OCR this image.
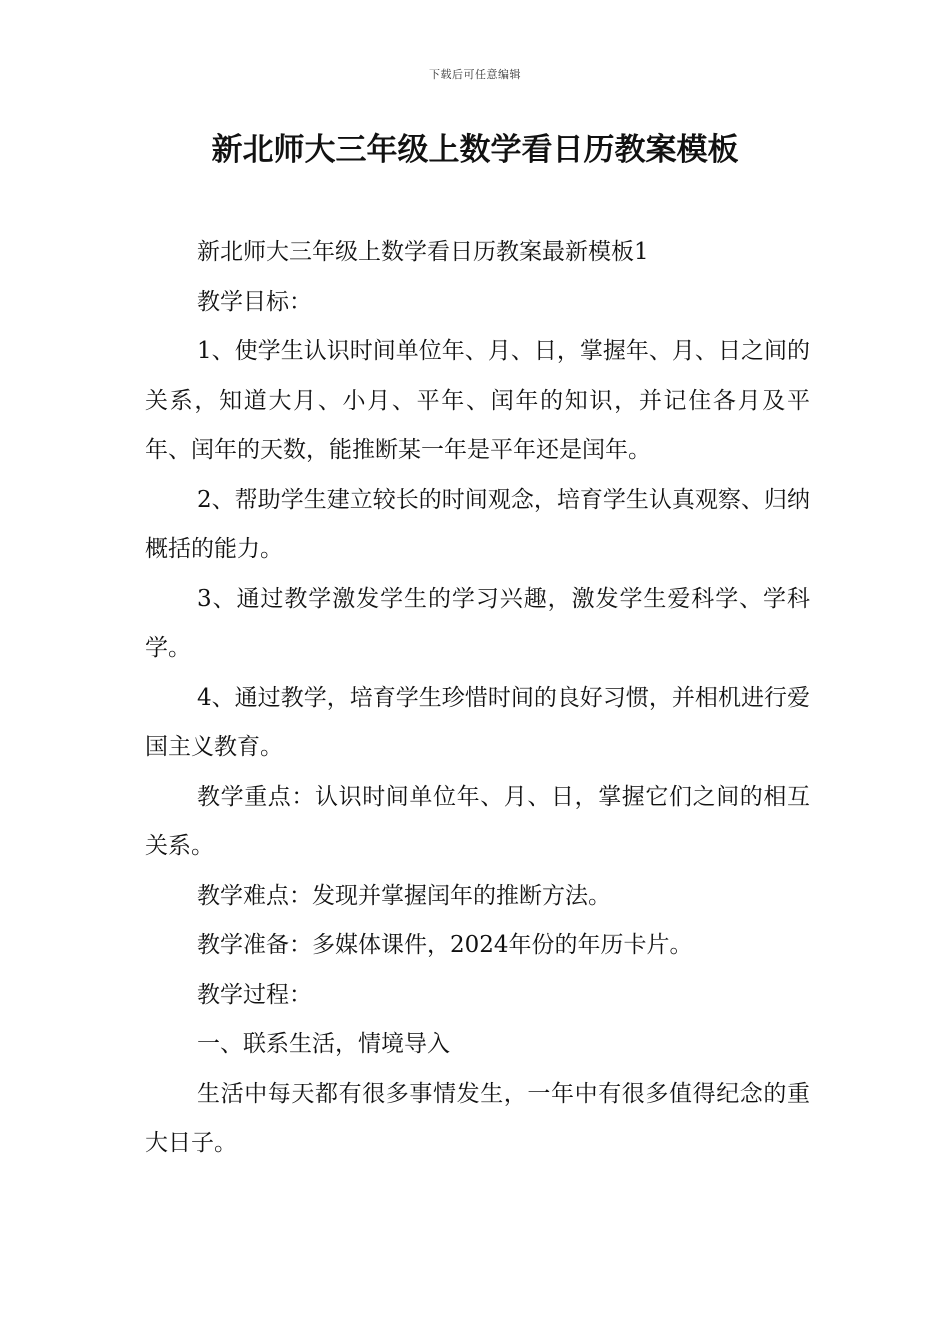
下载后可任意编辑
新北师大三年级上数学看日历教案模板

新北师大三年级上数学看日历教案最新模板1

教学目标：

1、使学生认识时间单位年、月、日，掌握年、月、日之间的关系，知道大月、小月、平年、闰年的知识，并记住各月及平年、闰年的天数，能推断某一年是平年还是闰年。

2、帮助学生建立较长的时间观念，培育学生认真观察、归纳概括的能力。

3、通过教学激发学生的学习兴趣，激发学生爱科学、学科学。

4、通过教学，培育学生珍惜时间的良好习惯，并相机进行爱国主义教育。

教学重点：认识时间单位年、月、日，掌握它们之间的相互关系。

教学难点：发现并掌握闰年的推断方法。

教学准备：多媒体课件，2024年份的年历卡片。

教学过程：

一、联系生活，情境导入

生活中每天都有很多事情发生，一年中有很多值得纪念的重大日子。
